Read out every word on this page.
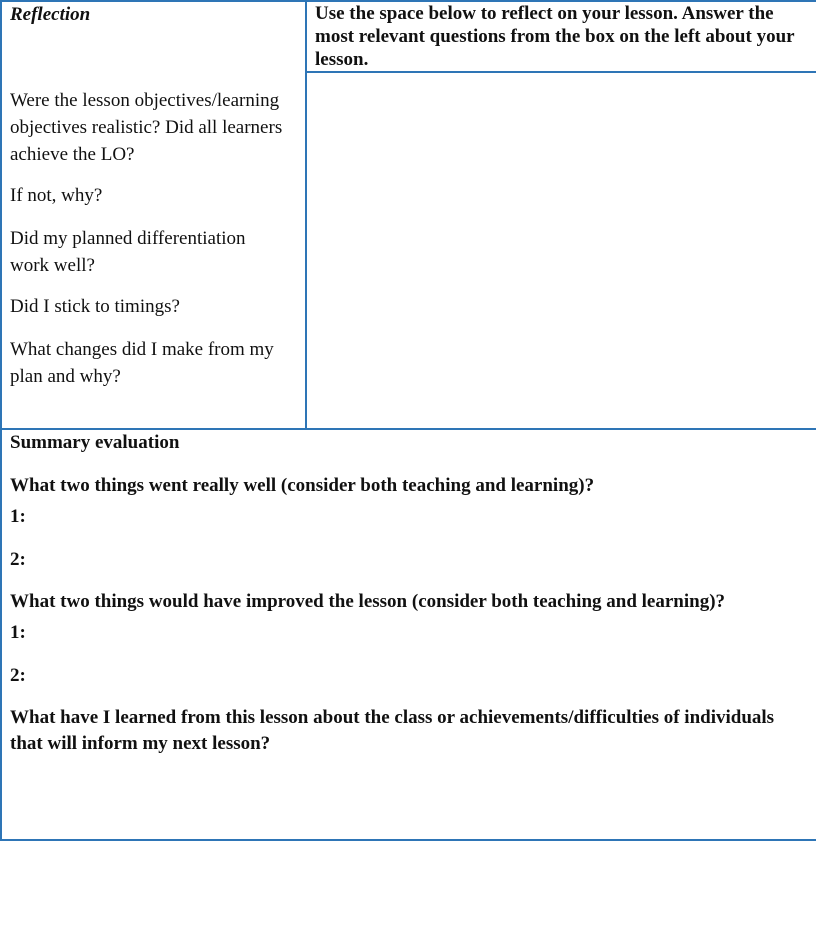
Reflection	Use the space below to reflect on your lesson. Answer the most relevant questions from the box on the left about your lesson.

Were the lesson objectives/learning objectives realistic? Did all learners achieve the LO?

If not, why?

Did my planned differentiation work well?

Did I stick to timings?

What changes did I make from my plan and why?

Summary evaluation

What two things went really well (consider both teaching and learning)?

1:

2:

What two things would have improved the lesson (consider both teaching and learning)?

1:

2:

What have I learned from this lesson about the class or achievements/difficulties of individuals that will inform my next lesson?
